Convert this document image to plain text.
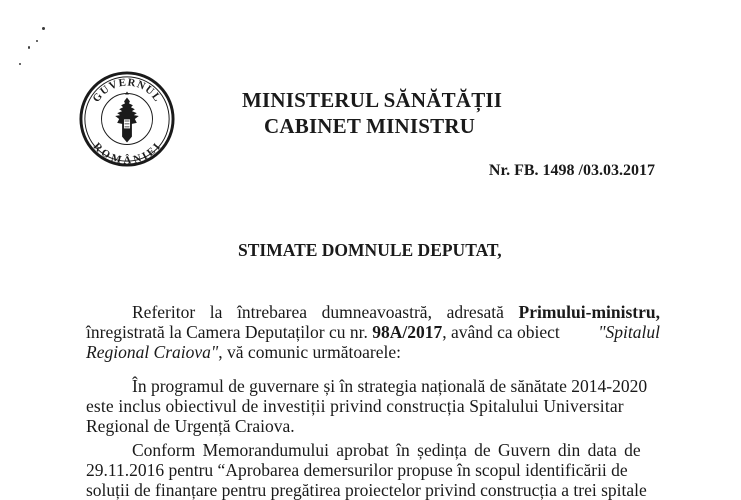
GUVERNUL
ROMÂNIEI
MINISTERUL SĂNĂTĂȚII
CABINET MINISTRU
Nr. FB. 1498 /03.03.2017
STIMATE DOMNULE DEPUTAT,
Referitor la întrebarea dumneavoastră, adresată Primului-ministru,
înregistrată la Camera Deputaților cu nr. 98A/2017, având ca obiect "Spitalul
Regional Craiova", vă comunic următoarele:
În programul de guvernare și în strategia națională de sănătate 2014-2020
este inclus obiectivul de investiții privind construcția Spitalului Universitar
Regional de Urgență Craiova.
Conform Memorandumului aprobat în ședința de Guvern din data de
29.11.2016 pentru “Aprobarea demersurilor propuse în scopul identificării de
soluții de finanțare pentru pregătirea proiectelor privind construcția a trei spitale
